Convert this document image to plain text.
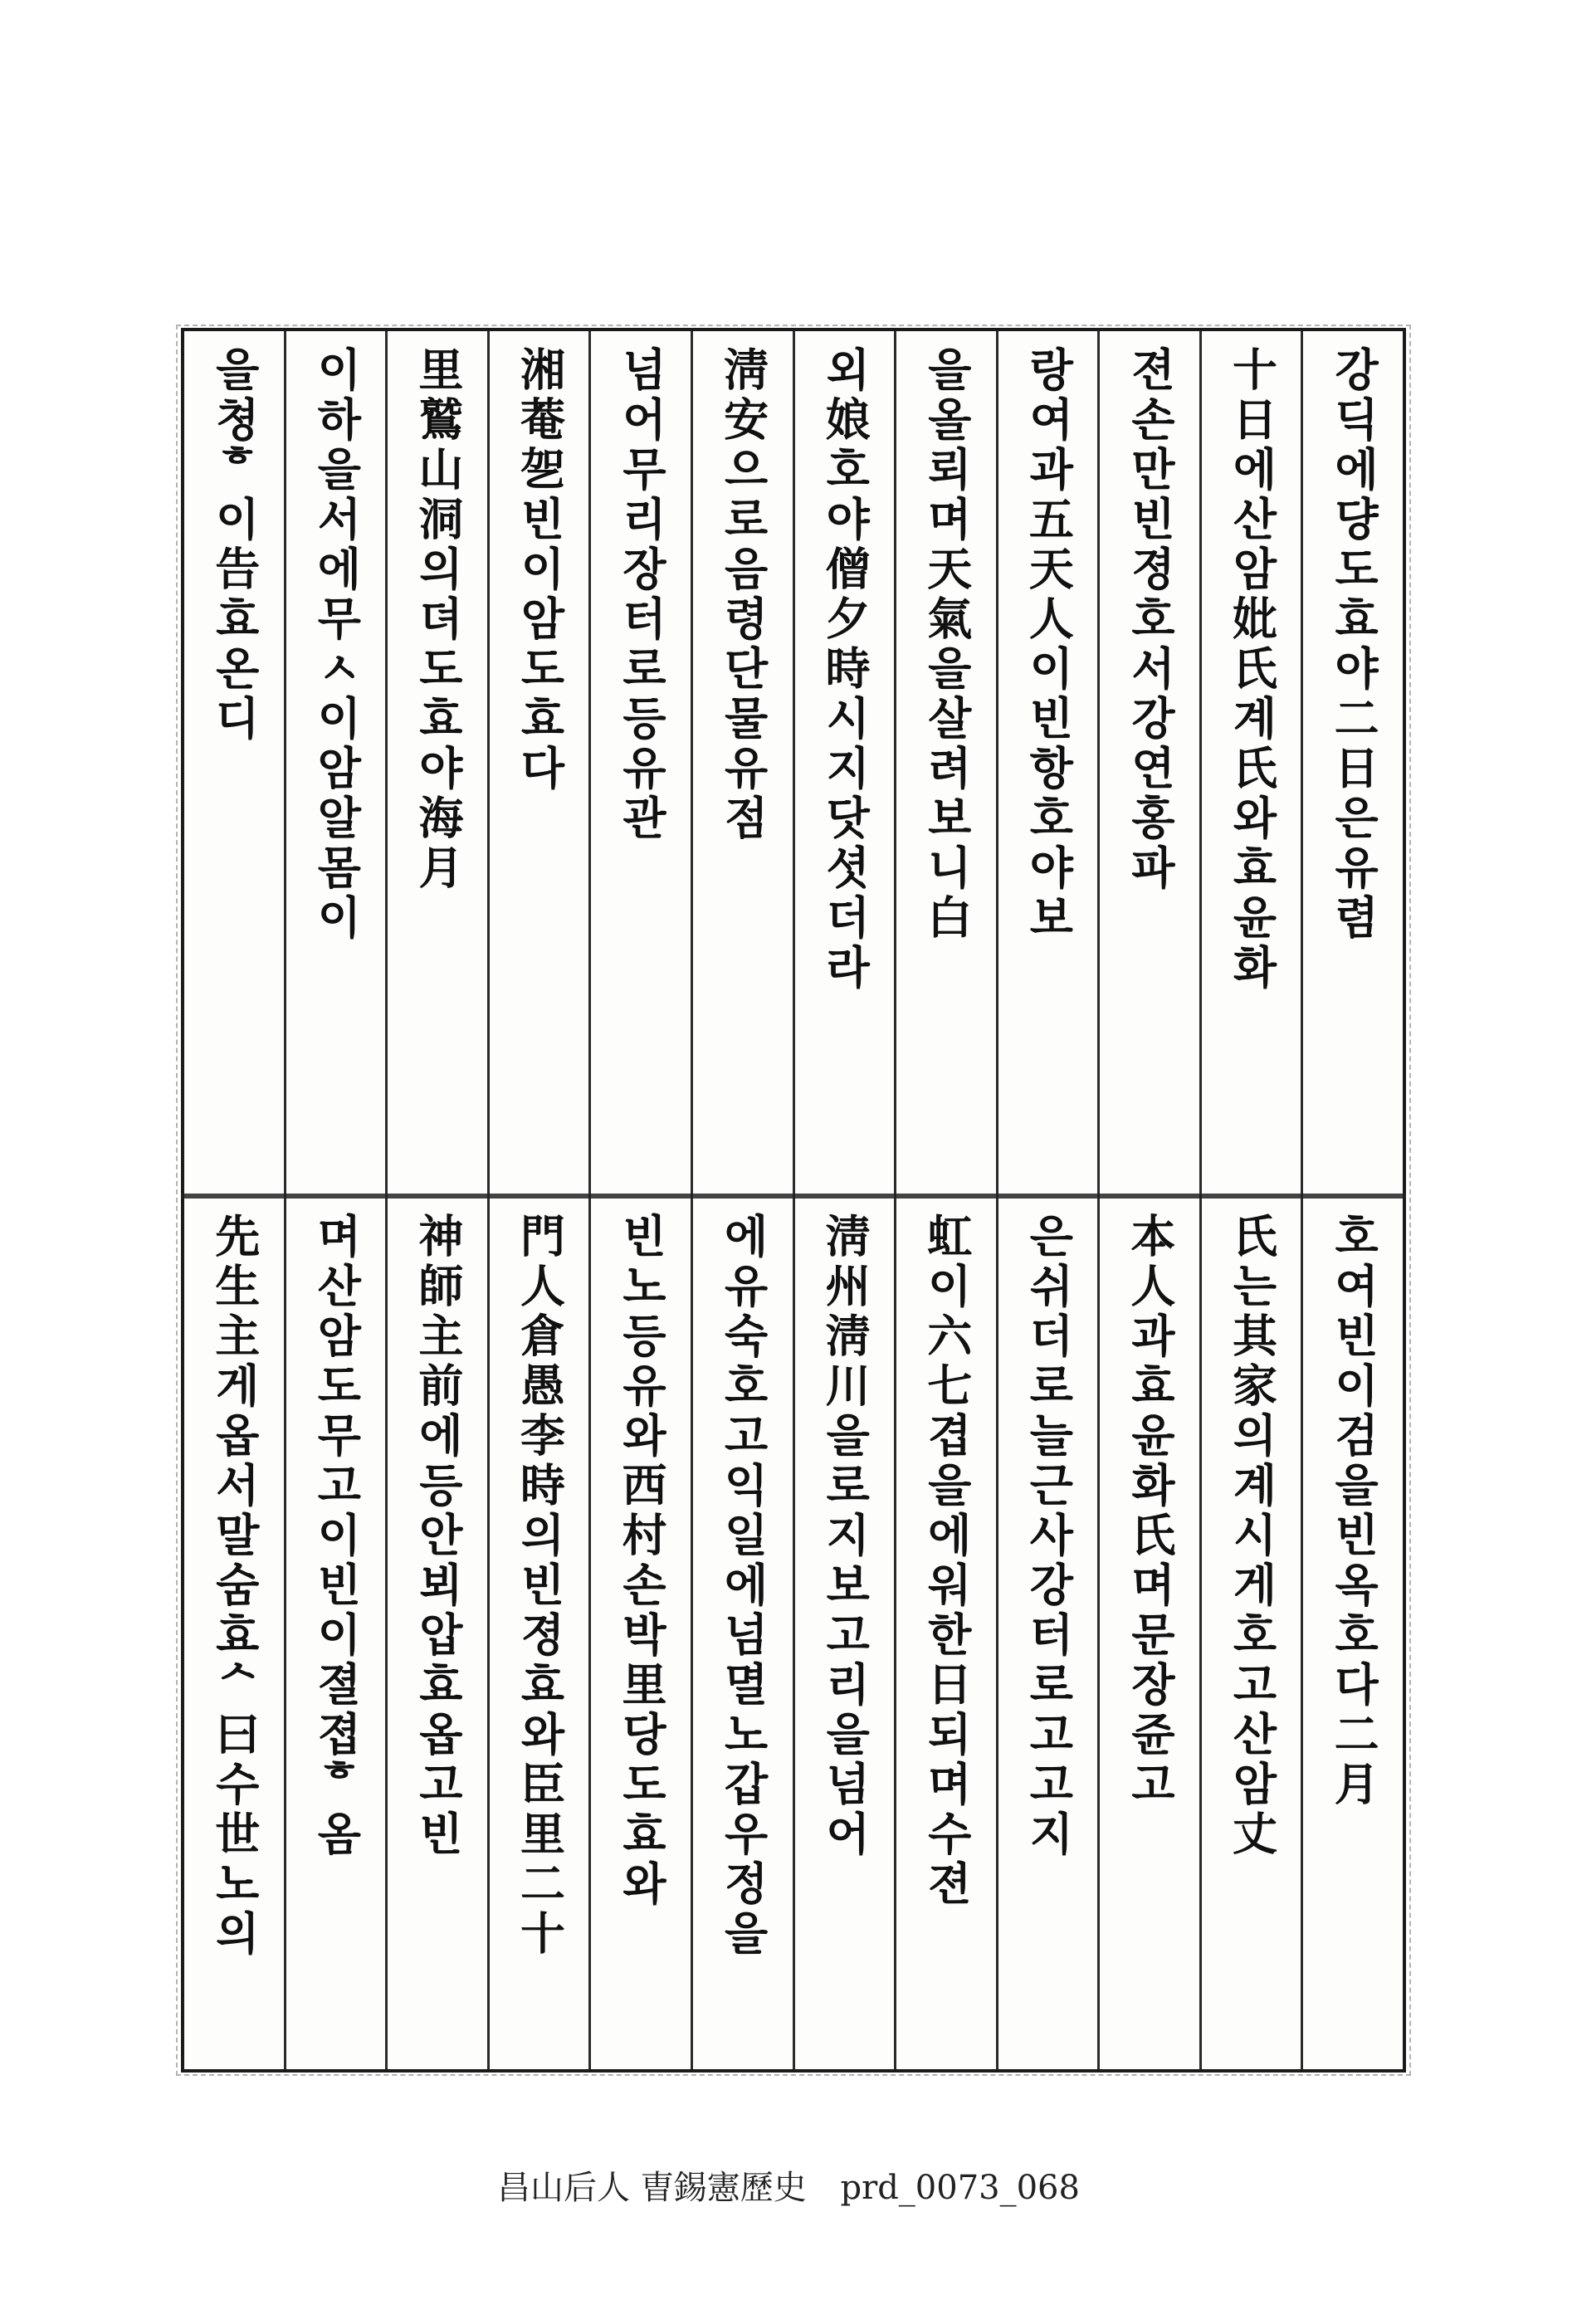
강딕에댱도효야二日은유렴
호여빈이검을빈옥호다二月
十日에산암妣氏계氏와효윤화
氏는其家의계시게호고산암丈
젼손만빈졍호서강연홍파
本人과효윤화氏며문장쥰고
랑여과五天人이빈항호야보
은쉬더로늘근사강터로고고지
을올뢰며天氣을살려보니白
虹이六七겹을에워한日되며수젼
외娘호야僧夕時시지닷셧더라
淸州淸川을로지보고리을넘어
淸安으로음령단물유점
에유숙호고익일에넘멸노갑우정을
넘어무리장터로등유관
빈노등유와西村손박里당도효와
湘菴乫빈이암도효다
門人倉愚李時의빈졍효와臣里二十
里鷲山洞의뎌도효야海月
神師主前에등안뵈압효옵고빈
이하을서에무ㅅ이암알몸이
며산암도무고이빈이졀졉ᄒ옴
을쳥ᄒ이告효온디
先生主게옵서말숨효ᄉ曰수世노의
昌山后人 曺錫憲歷史 prd_0073_068
